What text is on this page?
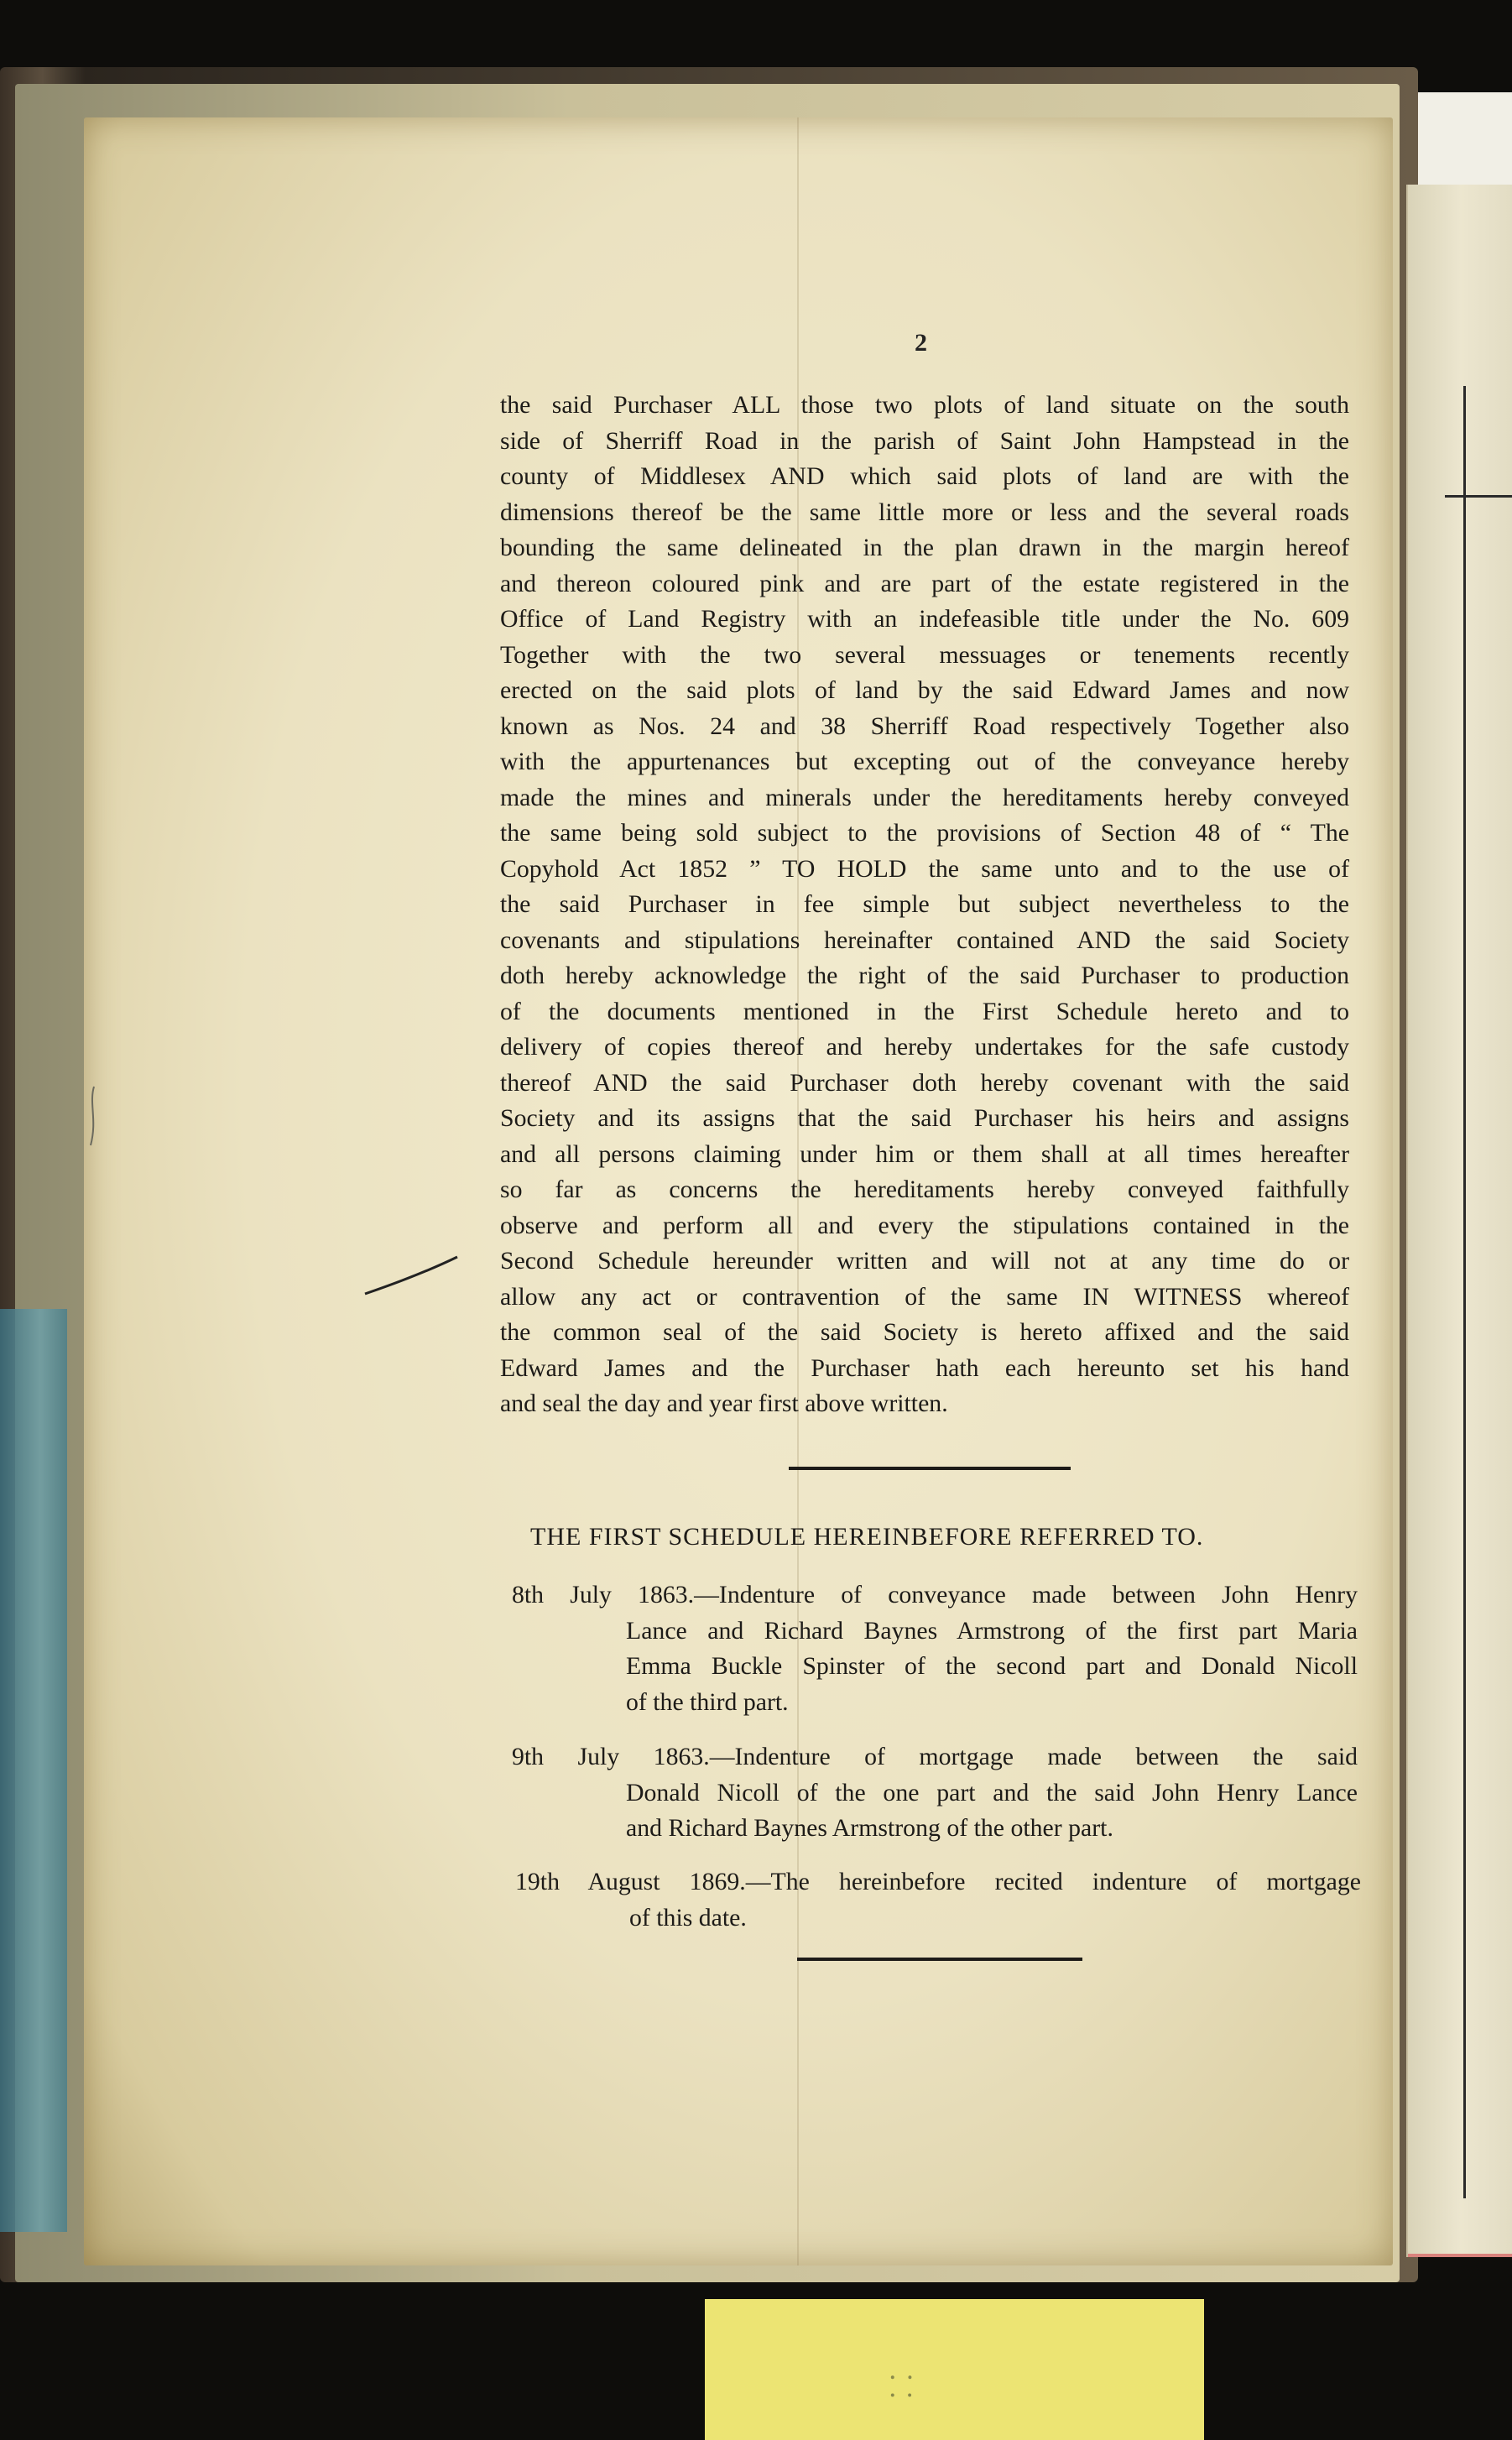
2
the said Purchaser ALL those two plots of land situate on the south
side of Sherriff Road in the parish of Saint John Hampstead in the
county of Middlesex AND which said plots of land are with the
dimensions thereof be the same little more or less and the several roads
bounding the same delineated in the plan drawn in the margin hereof
and thereon coloured pink and are part of the estate registered in the
Office of Land Registry with an indefeasible title under the No. 609
Together with the two several messuages or tenements recently
erected on the said plots of land by the said Edward James and now
known as Nos. 24 and 38 Sherriff Road respectively Together also
with the appurtenances but excepting out of the conveyance hereby
made the mines and minerals under the hereditaments hereby conveyed
the same being sold subject to the provisions of Section 48 of “ The
Copyhold Act 1852 ” TO HOLD the same unto and to the use of
the said Purchaser in fee simple but subject nevertheless to the
covenants and stipulations hereinafter contained AND the said Society
doth hereby acknowledge the right of the said Purchaser to production
of the documents mentioned in the First Schedule hereto and to
delivery of copies thereof and hereby undertakes for the safe custody
thereof AND the said Purchaser doth hereby covenant with the said
Society and its assigns that the said Purchaser his heirs and assigns
and all persons claiming under him or them shall at all times hereafter
so far as concerns the hereditaments hereby conveyed faithfully
observe and perform all and every the stipulations contained in the
Second Schedule hereunder written and will not at any time do or
allow any act or contravention of the same IN WITNESS whereof
the common seal of the said Society is hereto affixed and the said
Edward James and the Purchaser hath each hereunto set his hand
and seal the day and year first above written.
THE FIRST SCHEDULE HEREINBEFORE REFERRED TO.
8th July 1863.—Indenture of conveyance made between John Henry
Lance and Richard Baynes Armstrong of the first part Maria
Emma Buckle Spinster of the second part and Donald Nicoll
of the third part.
9th July 1863.—Indenture of mortgage made between the said
Donald Nicoll of the one part and the said John Henry Lance
and Richard Baynes Armstrong of the other part.
19th August 1869.—The hereinbefore recited indenture of mortgage
of this date.
⸬
